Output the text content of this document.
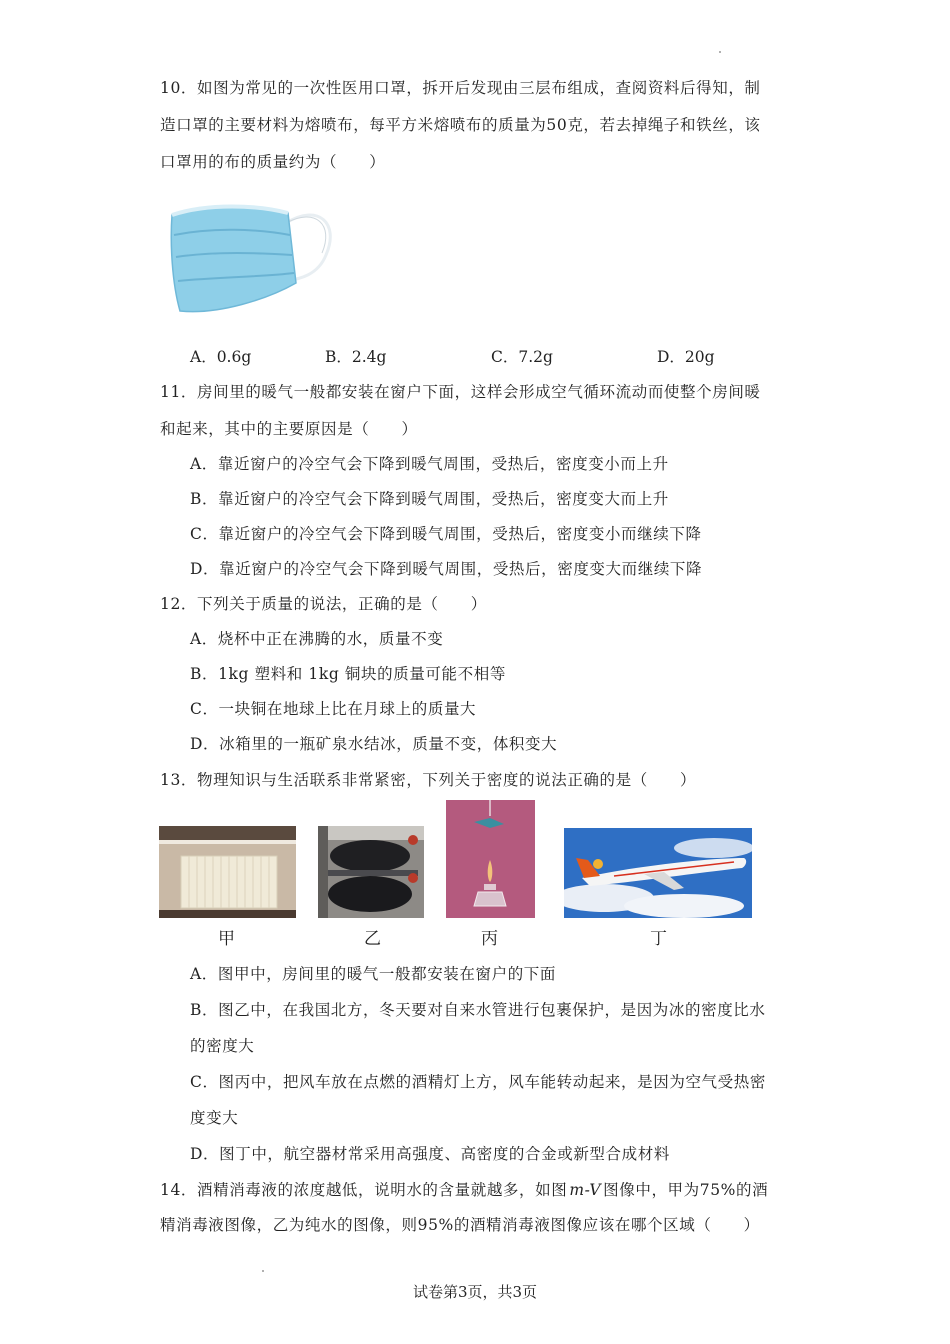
10．如图为常见的一次性医用口罩，拆开后发现由三层布组成，查阅资料后得知，制
造口罩的主要材料为熔喷布，每平方米熔喷布的质量为50克，若去掉绳子和铁丝，该
口罩用的布的质量约为（　　）
A．0.6g	B．2.4g	C．7.2g	D．20g
11．房间里的暖气一般都安装在窗户下面，这样会形成空气循环流动而使整个房间暖
和起来，其中的主要原因是（　　）
A．靠近窗户的冷空气会下降到暖气周围，受热后，密度变小而上升
B．靠近窗户的冷空气会下降到暖气周围，受热后，密度变大而上升
C．靠近窗户的冷空气会下降到暖气周围，受热后，密度变小而继续下降
D．靠近窗户的冷空气会下降到暖气周围，受热后，密度变大而继续下降
12．下列关于质量的说法，正确的是（　　）
A．烧杯中正在沸腾的水，质量不变
B．1kg 塑料和 1kg 铜块的质量可能不相等
C．一块铜在地球上比在月球上的质量大
D．冰箱里的一瓶矿泉水结冰，质量不变，体积变大
13．物理知识与生活联系非常紧密，下列关于密度的说法正确的是（　　）
甲	乙	丙	丁
A．图甲中，房间里的暖气一般都安装在窗户的下面
B．图乙中，在我国北方，冬天要对自来水管进行包裹保护，是因为冰的密度比水
的密度大
C．图丙中，把风车放在点燃的酒精灯上方，风车能转动起来，是因为空气受热密
度变大
D．图丁中，航空器材常采用高强度、高密度的合金或新型合成材料
14．酒精消毒液的浓度越低，说明水的含量就越多，如图 m-V 图像中，甲为75%的酒
精消毒液图像，乙为纯水的图像，则95%的酒精消毒液图像应该在哪个区域（　　）
试卷第3页，共3页
